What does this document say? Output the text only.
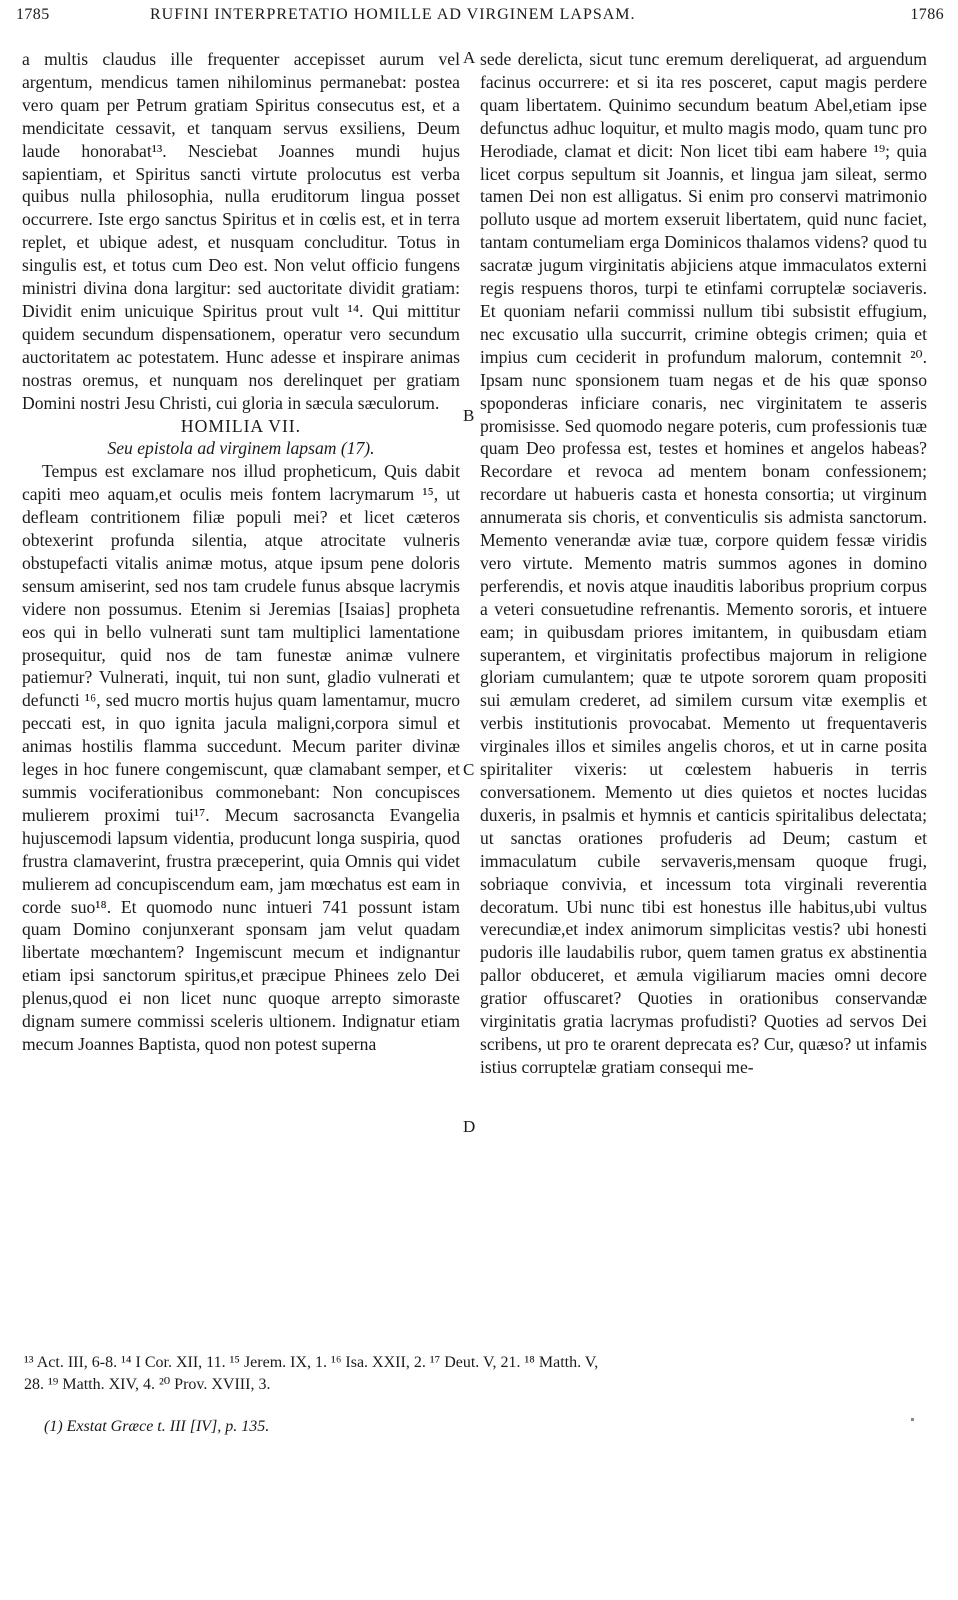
1785	RUFINI INTERPRETATIO HOMILLE AD VIRGINEM LAPSAM.	1786
A
B
C
D

a multis claudus ille frequenter accepisset aurum vel argentum, mendicus tamen nihilominus permanebat: postea vero quam per Petrum gratiam Spiritus consecutus est, et a mendicitate cessavit, et tanquam servus exsiliens, Deum laude honorabat¹³. Nesciebat Joannes mundi hujus sapientiam, et Spiritus sancti virtute prolocutus est verba quibus nulla philosophia, nulla eruditorum lingua posset occurrere. Iste ergo sanctus Spiritus et in cœlis est, et in terra replet, et ubique adest, et nusquam concluditur. Totus in singulis est, et totus cum Deo est. Non velut officio fungens ministri divina dona largitur: sed auctoritate dividit gratiam: Dividit enim unicuique Spiritus prout vult ¹⁴. Qui mittitur quidem secundum dispensationem, operatur vero secundum auctoritatem ac potestatem. Hunc adesse et inspirare animas nostras oremus, et nunquam nos derelinquet per gratiam Domini nostri Jesu Christi, cui gloria in sæcula sæculorum.

HOMILIA VII.

Seu epistola ad virginem lapsam (17).

Tempus est exclamare nos illud propheticum, Quis dabit capiti meo aquam,et oculis meis fontem lacrymarum ¹⁵, ut defleam contritionem filiæ populi mei? et licet cæteros obtexerint profunda silentia, atque atrocitate vulneris obstupefacti vitalis animæ motus, atque ipsum pene doloris sensum amiserint, sed nos tam crudele funus absque lacrymis videre non possumus. Etenim si Jeremias [Isaias] propheta eos qui in bello vulnerati sunt tam multiplici lamentatione prosequitur, quid nos de tam funestæ animæ vulnere patiemur? Vulnerati, inquit, tui non sunt, gladio vulnerati et defuncti ¹⁶, sed mucro mortis hujus quam lamentamur, mucro peccati est, in quo ignita jacula maligni,corpora simul et animas hostilis flamma succedunt. Mecum pariter divinæ leges in hoc funere congemiscunt, quæ clamabant semper, et summis vociferationibus commonebant: Non concupisces mulierem proximi tui¹⁷. Mecum sacrosancta Evangelia hujuscemodi lapsum videntia, producunt longa suspiria, quod frustra clamaverint, frustra præceperint, quia Omnis qui videt mulierem ad concupiscendum eam, jam mœchatus est eam in corde suo¹⁸. Et quomodo nunc intueri 741 possunt istam quam Domino conjunxerant sponsam jam velut quadam libertate mœchantem? Ingemiscunt mecum et indignantur etiam ipsi sanctorum spiritus,et præcipue Phinees zelo Dei plenus,quod ei non licet nunc quoque arrepto simoraste dignam sumere commissi sceleris ultionem. Indignatur etiam mecum Joannes Baptista, quod non potest superna

sede derelicta, sicut tunc eremum dereliquerat, ad arguendum facinus occurrere: et si ita res posceret, caput magis perdere quam libertatem. Quinimo secundum beatum Abel,etiam ipse defunctus adhuc loquitur, et multo magis modo, quam tunc pro Herodiade, clamat et dicit: Non licet tibi eam habere ¹⁹; quia licet corpus sepultum sit Joannis, et lingua jam sileat, sermo tamen Dei non est alligatus. Si enim pro conservi matrimonio polluto usque ad mortem exseruit libertatem, quid nunc faciet, tantam contumeliam erga Dominicos thalamos videns? quod tu sacratæ jugum virginitatis abjiciens atque immaculatos externi regis respuens thoros, turpi te etinfami corruptelæ sociaveris. Et quoniam nefarii commissi nullum tibi subsistit effugium, nec excusatio ulla succurrit, crimine obtegis crimen; quia et impius cum ceciderit in profundum malorum, contemnit ²⁰. Ipsam nunc sponsionem tuam negas et de his quæ sponso spoponderas inficiare conaris, nec virginitatem te asseris promisisse. Sed quomodo negare poteris, cum professionis tuæ quam Deo professa est, testes et homines et angelos habeas? Recordare et revoca ad mentem bonam confessionem; recordare ut habueris casta et honesta consortia; ut virginum annumerata sis choris, et conventiculis sis admista sanctorum. Memento venerandæ aviæ tuæ, corpore quidem fessæ viridis vero virtute. Memento matris summos agones in domino perferendis, et novis atque inauditis laboribus proprium corpus a veteri consuetudine refrenantis. Memento sororis, et intuere eam; in quibusdam priores imitantem, in quibusdam etiam superantem, et virginitatis profectibus majorum in religione gloriam cumulantem; quæ te utpote sororem quam propositi sui æmulam crederet, ad similem cursum vitæ exemplis et verbis institutionis provocabat. Memento ut frequentaveris virginales illos et similes angelis choros, et ut in carne posita spiritaliter vixeris: ut cœlestem habueris in terris conversationem. Memento ut dies quietos et noctes lucidas duxeris, in psalmis et hymnis et canticis spiritalibus delectata; ut sanctas orationes profuderis ad Deum; castum et immaculatum cubile servaveris,mensam quoque frugi, sobriaque convivia, et incessum tota virginali reverentia decoratum. Ubi nunc tibi est honestus ille habitus,ubi vultus verecundiæ,et index animorum simplicitas vestis? ubi honesti pudoris ille laudabilis rubor, quem tamen gratus ex abstinentia pallor obduceret, et æmula vigiliarum macies omni decore gratior offuscaret? Quoties in orationibus conservandæ virginitatis gratia lacrymas profudisti? Quoties ad servos Dei scribens, ut pro te orarent deprecata es? Cur, quæso? ut infamis istius corruptelæ gratiam consequi me-

¹³ Act. III, 6-8. ¹⁴ I Cor. XII, 11. ¹⁵ Jerem. IX, 1. ¹⁶ Isa. XXII, 2. ¹⁷ Deut. V, 21. ¹⁸ Matth. V,

28. ¹⁹ Matth. XIV, 4. ²⁰ Prov. XVIII, 3.

(1) Exstat Græce t. III [IV], p. 135.
